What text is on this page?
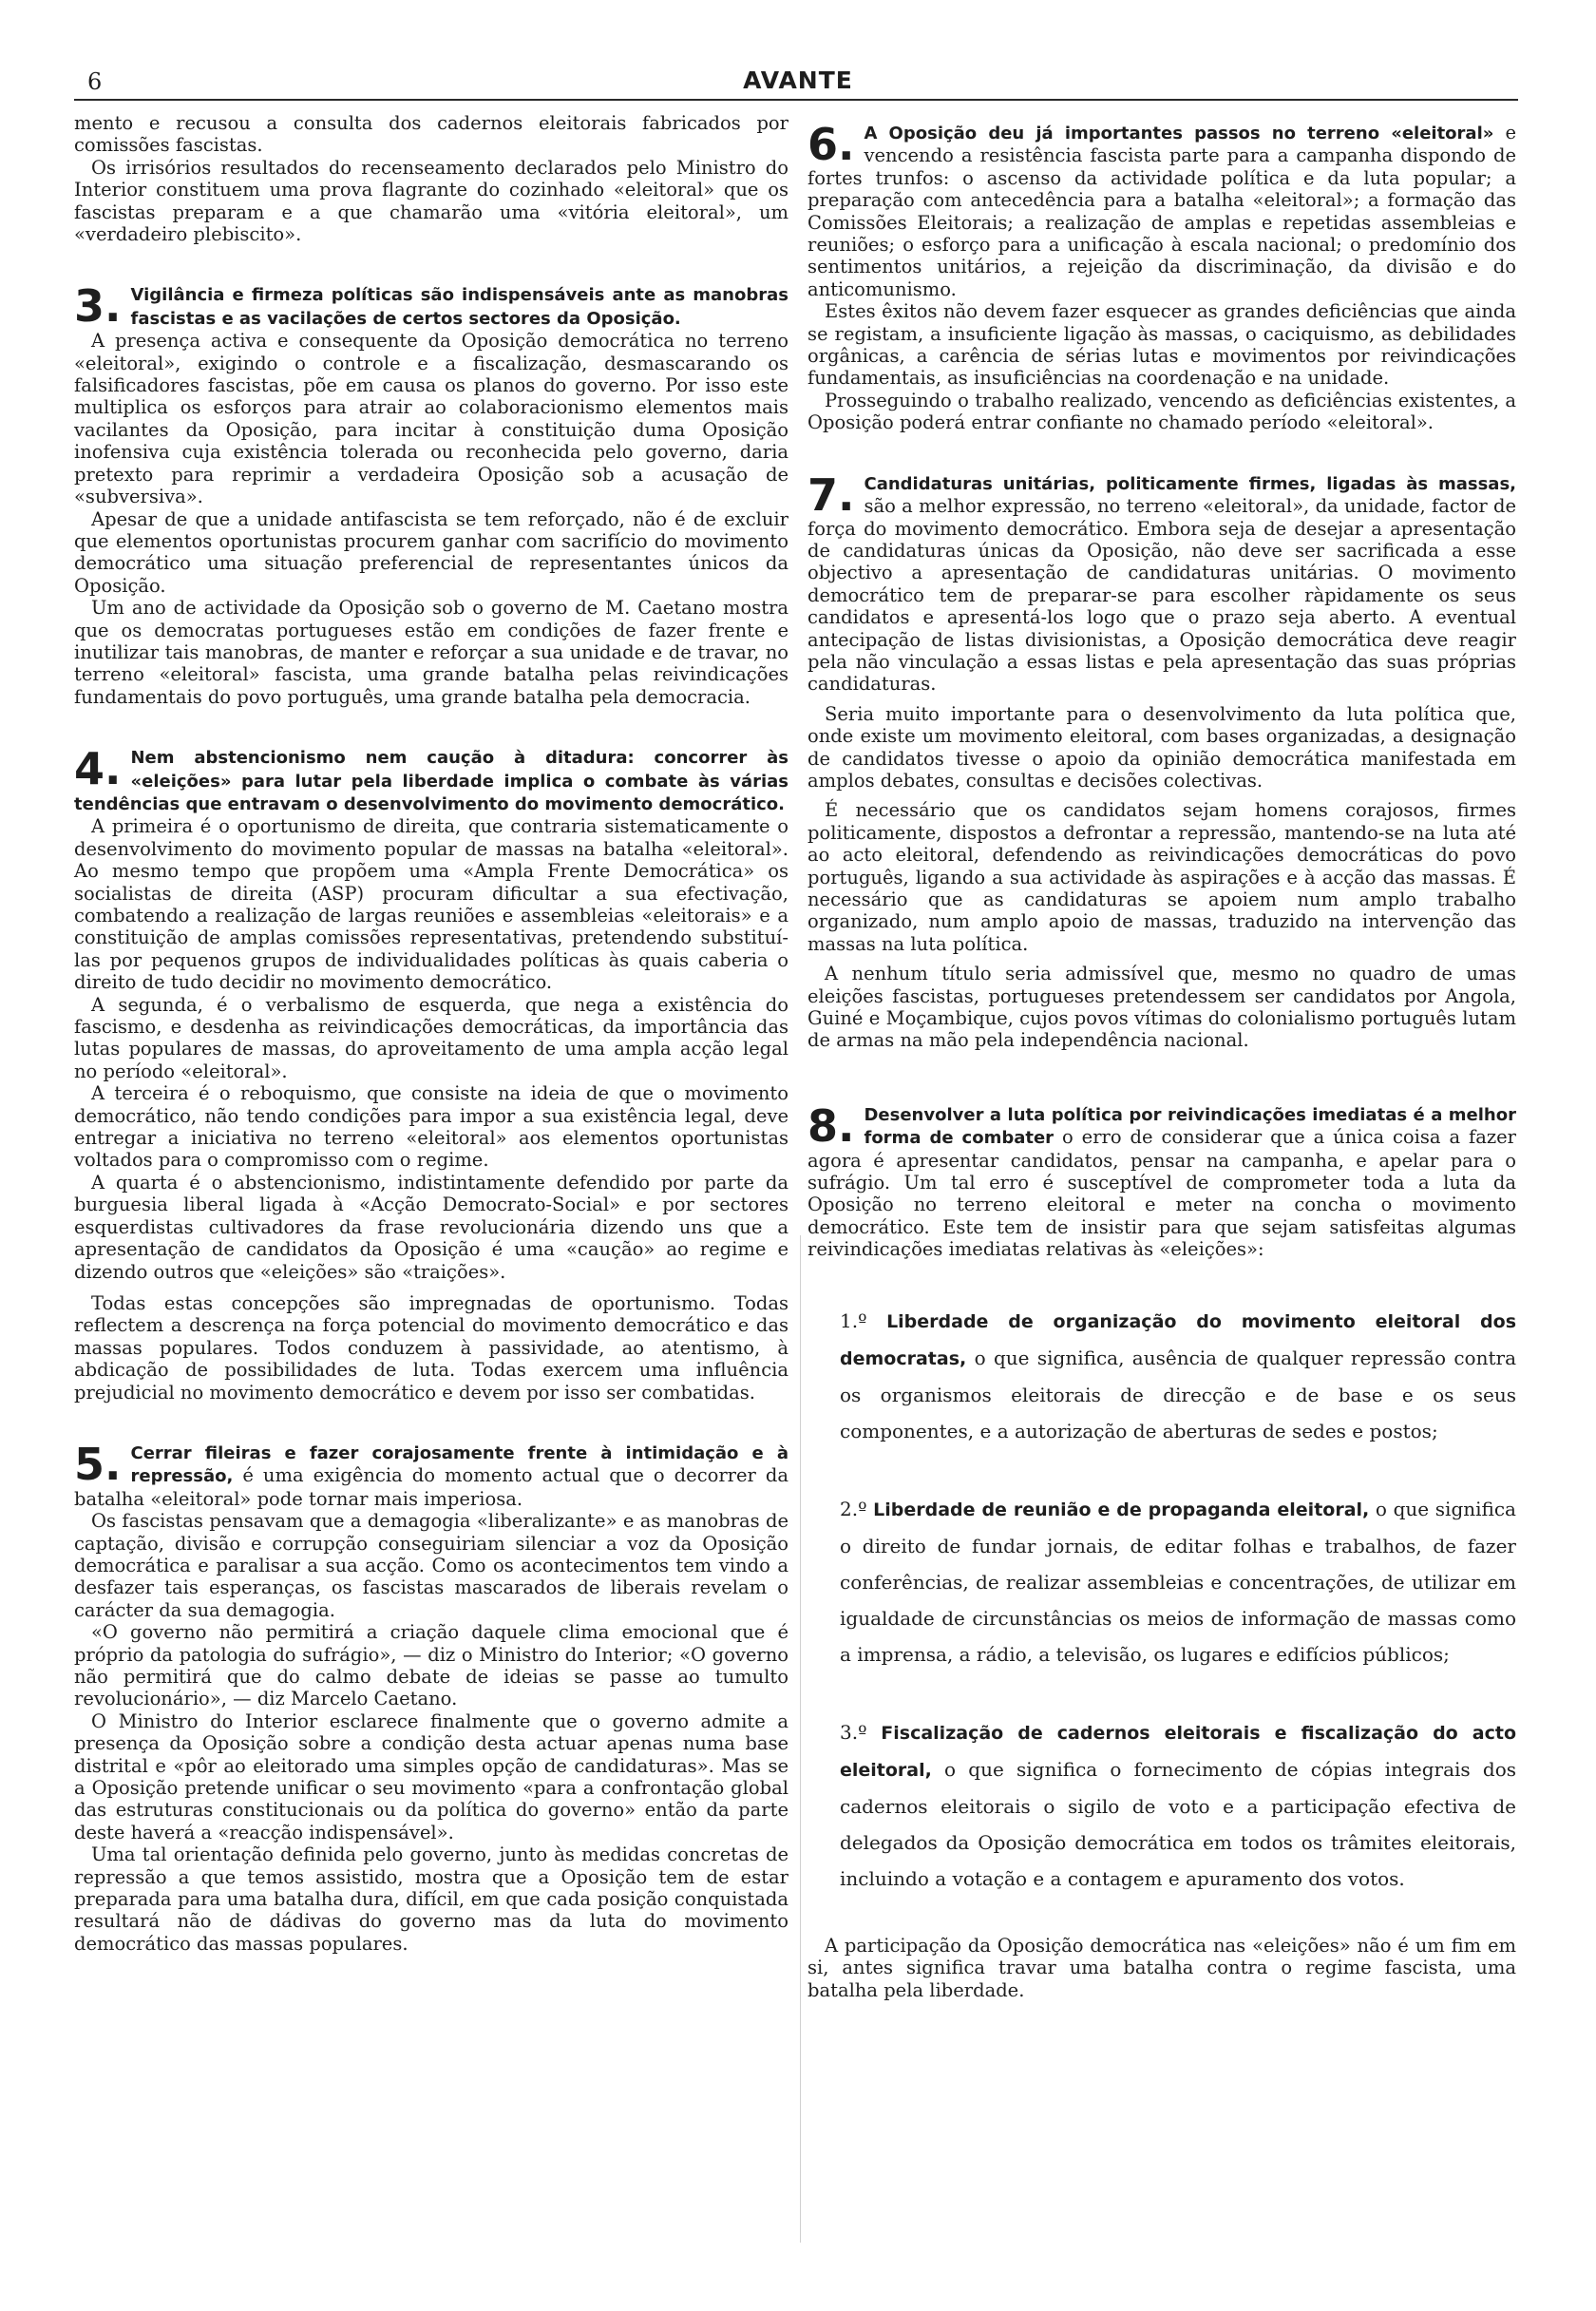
6	AVANTE

mento e recusou a consulta dos cadernos eleitorais fabricados por comissões fascistas.

Os irrisórios resultados do recenseamento declarados pelo Ministro do Interior constituem uma prova flagrante do cozinhado «eleitoral» que os fascistas preparam e a que chamarão uma «vitória eleitoral», um «verdadeiro plebiscito».

3. Vigilância e firmeza políticas são indispensáveis ante as manobras fascistas e as vacilações de certos sectores da Oposição.

A presença activa e consequente da Oposição democrática no terreno «eleitoral», exigindo o controle e a fiscalização, desmascarando os falsificadores fascistas, põe em causa os planos do governo. Por isso este multiplica os esforços para atrair ao colaboracionismo elementos mais vacilantes da Oposição, para incitar à constituição duma Oposição inofensiva cuja existência tolerada ou reconhecida pelo governo, daria pretexto para reprimir a verdadeira Oposição sob a acusação de «subversiva».

Apesar de que a unidade antifascista se tem reforçado, não é de excluir que elementos oportunistas procurem ganhar com sacrifício do movimento democrático uma situação preferencial de representantes únicos da Oposição.

Um ano de actividade da Oposição sob o governo de M. Caetano mostra que os democratas portugueses estão em condições de fazer frente e inutilizar tais manobras, de manter e reforçar a sua unidade e de travar, no terreno «eleitoral» fascista, uma grande batalha pelas reivindicações fundamentais do povo português, uma grande batalha pela democracia.

4. Nem abstencionismo nem caução à ditadura: concorrer às «eleições» para lutar pela liberdade implica o combate às várias tendências que entravam o desenvolvimento do movimento democrático.

A primeira é o oportunismo de direita, que contraria sistematicamente o desenvolvimento do movimento popular de massas na batalha «eleitoral». Ao mesmo tempo que propõem uma «Ampla Frente Democrática» os socialistas de direita (ASP) procuram dificultar a sua efectivação, combatendo a realização de largas reuniões e assembleias «eleitorais» e a constituição de amplas comissões representativas, pretendendo substituí-las por pequenos grupos de individualidades políticas às quais caberia o direito de tudo decidir no movimento democrático.

A segunda, é o verbalismo de esquerda, que nega a existência do fascismo, e desdenha as reivindicações democráticas, da importância das lutas populares de massas, do aproveitamento de uma ampla acção legal no período «eleitoral».

A terceira é o reboquismo, que consiste na ideia de que o movimento democrático, não tendo condições para impor a sua existência legal, deve entregar a iniciativa no terreno «eleitoral» aos elementos oportunistas voltados para o compromisso com o regime.

A quarta é o abstencionismo, indistintamente defendido por parte da burguesia liberal ligada à «Acção Democrato-Social» e por sectores esquerdistas cultivadores da frase revolucionária dizendo uns que a apresentação de candidatos da Oposição é uma «caução» ao regime e dizendo outros que «eleições» são «traições».

Todas estas concepções são impregnadas de oportunismo. Todas reflectem a descrença na força potencial do movimento democrático e das massas populares. Todos conduzem à passividade, ao atentismo, à abdicação de possibilidades de luta. Todas exercem uma influência prejudicial no movimento democrático e devem por isso ser combatidas.

5. Cerrar fileiras e fazer corajosamente frente à intimidação e à repressão, é uma exigência do momento actual que o decorrer da batalha «eleitoral» pode tornar mais imperiosa.

Os fascistas pensavam que a demagogia «liberalizante» e as manobras de captação, divisão e corrupção conseguiriam silenciar a voz da Oposição democrática e paralisar a sua acção. Como os acontecimentos tem vindo a desfazer tais esperanças, os fascistas mascarados de liberais revelam o carácter da sua demagogia.

«O governo não permitirá a criação daquele clima emocional que é próprio da patologia do sufrágio», — diz o Ministro do Interior; «O governo não permitirá que do calmo debate de ideias se passe ao tumulto revolucionário», — diz Marcelo Caetano.

O Ministro do Interior esclarece finalmente que o governo admite a presença da Oposição sobre a condição desta actuar apenas numa base distrital e «pôr ao eleitorado uma simples opção de candidaturas». Mas se a Oposição pretende unificar o seu movimento «para a confrontação global das estruturas constitucionais ou da política do governo» então da parte deste haverá a «reacção indispensável».

Uma tal orientação definida pelo governo, junto às medidas concretas de repressão a que temos assistido, mostra que a Oposição tem de estar preparada para uma batalha dura, difícil, em que cada posição conquistada resultará não de dádivas do governo mas da luta do movimento democrático das massas populares.

6. A Oposição deu já importantes passos no terreno «eleitoral» e vencendo a resistência fascista parte para a campanha dispondo de fortes trunfos: o ascenso da actividade política e da luta popular; a preparação com antecedência para a batalha «eleitoral»; a formação das Comissões Eleitorais; a realização de amplas e repetidas assembleias e reuniões; o esforço para a unificação à escala nacional; o predomínio dos sentimentos unitários, a rejeição da discriminação, da divisão e do anticomunismo.

Estes êxitos não devem fazer esquecer as grandes deficiências que ainda se registam, a insuficiente ligação às massas, o caciquismo, as debilidades orgânicas, a carência de sérias lutas e movimentos por reivindicações fundamentais, as insuficiências na coordenação e na unidade.

Prosseguindo o trabalho realizado, vencendo as deficiências existentes, a Oposição poderá entrar confiante no chamado período «eleitoral».

7. Candidaturas unitárias, politicamente firmes, ligadas às massas, são a melhor expressão, no terreno «eleitoral», da unidade, factor de força do movimento democrático. Embora seja de desejar a apresentação de candidaturas únicas da Oposição, não deve ser sacrificada a esse objectivo a apresentação de candidaturas unitárias. O movimento democrático tem de preparar-se para escolher ràpidamente os seus candidatos e apresentá-los logo que o prazo seja aberto. A eventual antecipação de listas divisionistas, a Oposição democrática deve reagir pela não vinculação a essas listas e pela apresentação das suas próprias candidaturas.

Seria muito importante para o desenvolvimento da luta política que, onde existe um movimento eleitoral, com bases organizadas, a designação de candidatos tivesse o apoio da opinião democrática manifestada em amplos debates, consultas e decisões colectivas.

É necessário que os candidatos sejam homens corajosos, firmes politicamente, dispostos a defrontar a repressão, mantendo-se na luta até ao acto eleitoral, defendendo as reivindicações democráticas do povo português, ligando a sua actividade às aspirações e à acção das massas. É necessário que as candidaturas se apoiem num amplo trabalho organizado, num amplo apoio de massas, traduzido na intervenção das massas na luta política.

A nenhum título seria admissível que, mesmo no quadro de umas eleições fascistas, portugueses pretendessem ser candidatos por Angola, Guiné e Moçambique, cujos povos vítimas do colonialismo português lutam de armas na mão pela independência nacional.

8. Desenvolver a luta política por reivindicações imediatas é a melhor forma de combater o erro de considerar que a única coisa a fazer agora é apresentar candidatos, pensar na campanha, e apelar para o sufrágio. Um tal erro é susceptível de comprometer toda a luta da Oposição no terreno eleitoral e meter na concha o movimento democrático. Este tem de insistir para que sejam satisfeitas algumas reivindicações imediatas relativas às «eleições»:
1.º Liberdade de organização do movimento eleitoral dos democratas, o que significa, ausência de qualquer repressão contra os organismos eleitorais de direcção e de base e os seus componentes, e a autorização de aberturas de sedes e postos;
2.º Liberdade de reunião e de propaganda eleitoral, o que significa o direito de fundar jornais, de editar folhas e trabalhos, de fazer conferências, de realizar assembleias e concentrações, de utilizar em igualdade de circunstâncias os meios de informação de massas como a imprensa, a rádio, a televisão, os lugares e edifícios públicos;
3.º Fiscalização de cadernos eleitorais e fiscalização do acto eleitoral, o que significa o fornecimento de cópias integrais dos cadernos eleitorais o sigilo de voto e a participação efectiva de delegados da Oposição democrática em todos os trâmites eleitorais, incluindo a votação e a contagem e apuramento dos votos.

A participação da Oposição democrática nas «eleições» não é um fim em si, antes significa travar uma batalha contra o regime fascista, uma batalha pela liberdade.
